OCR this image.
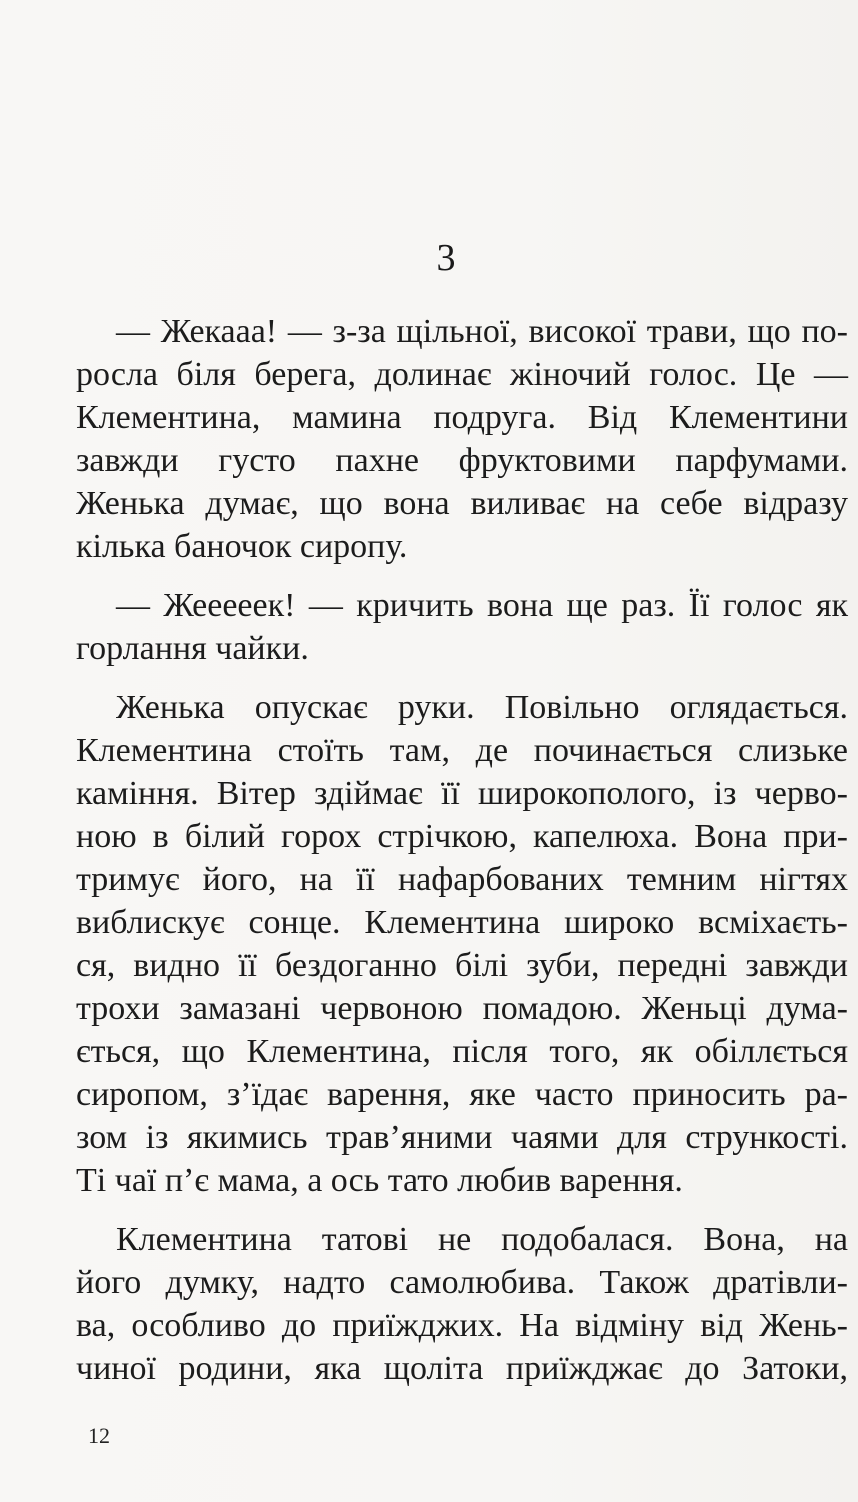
3

— Жекааа! — з-за щільної, високої трави, що по-
росла біля берега, долинає жіночий голос. Це —
Клементина, мамина подруга. Від Клементини
завжди густо пахне фруктовими парфумами.
Женька думає, що вона виливає на себе відразу
кілька баночок сиропу.

— Жееееек! — кричить вона ще раз. Її голос як
горлання чайки.

Женька опускає руки. Повільно оглядається.
Клементина стоїть там, де починається слизьке
каміння. Вітер здіймає її широкополого, із черво-
ною в білий горох стрічкою, капелюха. Вона при-
тримує його, на її нафарбованих темним нігтях
виблискує сонце. Клементина широко всміхаєть-
ся, видно її бездоганно білі зуби, передні завжди
трохи замазані червоною помадою. Женьці дума-
ється, що Клементина, після того, як обіллється
сиропом, з’їдає варення, яке часто приносить ра-
зом із якимись трав’яними чаями для стрункості.
Ті чаї п’є мама, а ось тато любив варення.

Клементина татові не подобалася. Вона, на
його думку, надто самолюбива. Також дратівли-
ва, особливо до приїжджих. На відміну від Жень-
чиної родини, яка щоліта приїжджає до Затоки,

12
